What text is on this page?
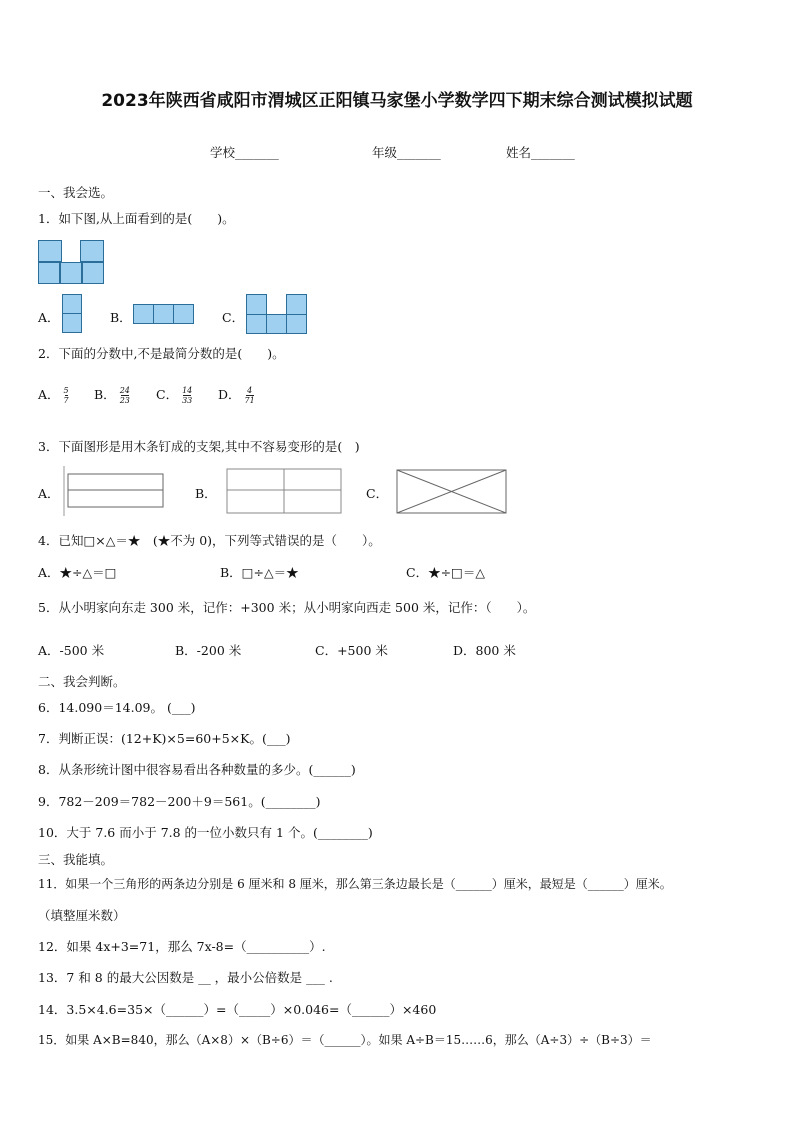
2023年陕西省咸阳市渭城区正阳镇马家堡小学数学四下期末综合测试模拟试题
学校_______	年级_______	姓名_______
一、我会选。
1．如下图,从上面看到的是(　　)。
A．	B．	C．
2．下面的分数中,不是最简分数的是(　　)。
A． $\frac{5}{7}$ B． $\frac{24}{23}$ C． $\frac{14}{33}$ D． $\frac{4}{71}$
3．下面图形是用木条钉成的支架,其中不容易变形的是(　)
A．	B．	C．
4．已知□×△＝★　(★不为 0)，下列等式错误的是（　　）。
A．★÷△＝□	B．□÷△＝★	C．★÷□＝△
5．从小明家向东走 300 米，记作：+300 米；从小明家向西走 500 米，记作：（　　）。
A．-500 米	B．-200 米	C．+500 米	D．800 米
二、我会判断。
6．14.090＝14.09。 (___)
7．判断正误：(12+K)×5=60+5×K。(___)
8．从条形统计图中很容易看出各种数量的多少。(______)
9．782－209＝782－200＋9＝561。(________)
10．大于 7.6 而小于 7.8 的一位小数只有 1 个。(________)
三、我能填。
11．如果一个三角形的两条边分别是 6 厘米和 8 厘米，那么第三条边最长是（______）厘米，最短是（______）厘米。
（填整厘米数）
12．如果 4x+3=71，那么 7x-8=（__________）.
13．7 和 8 的最大公因数是 __ ，最小公倍数是 ___ .
14．3.5×4.6=35×（______）=（_____）×0.046=（______）×460
15．如果 A×B=840，那么（A×8）×（B÷6）＝（______）。如果 A÷B＝15……6，那么（A÷3）÷（B÷3）＝
